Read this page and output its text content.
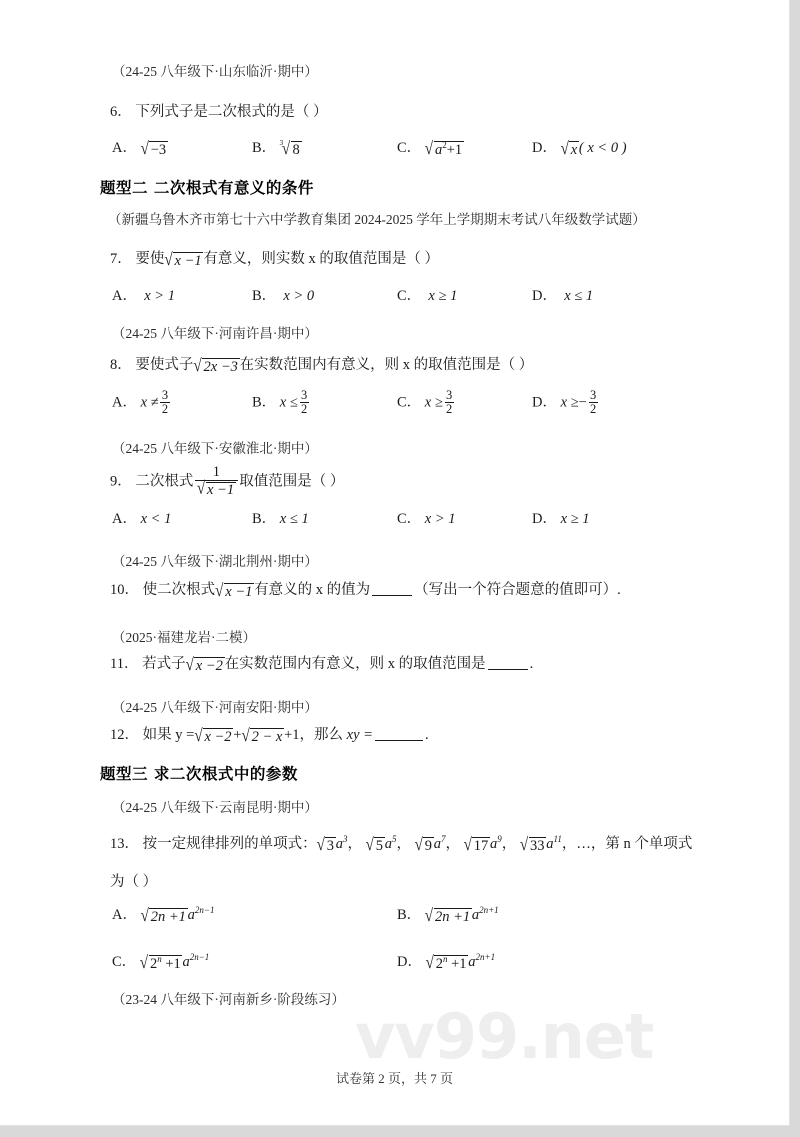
vv99.net
（24-25 八年级下·山东临沂·期中）
6． 下列式子是二次根式的是（ ）
A． √ −3	B． √ 8 3	C． √ $a^2+1$	D． √ x ( x < 0 )
题型二 二次根式有意义的条件
（新疆乌鲁木齐市第七十六中学教育集团 2024-2025 学年上学期期末考试八年级数学试题）
7． 要使 √ x −1 有意义，则实数 x 的取值范围是（ ）
A． x > 1	B． x > 0	C． x ≥ 1	D． x ≤ 1
（24-25 八年级下·河南许昌·期中）
8． 要使式子 √ 2x −3 在实数范围内有意义，则 x 的取值范围是（ ）
A． $x \ne \frac{3}{2}$	B． $x \le \frac{3}{2}$	C． $x \ge \frac{3}{2}$	D． $x \ge- \frac{3}{2}$
（24-25 八年级下·安徽淮北·期中）
9． 二次根式 1
√ x −1 取值范围是（ ）
A． x < 1	B． x ≤ 1	C． x > 1	D． x ≥ 1
（24-25 八年级下·湖北荆州·期中）
10． 使二次根式 √ x −1 有意义的 x 的值为	（写出一个符合题意的值即可）.
（2025·福建龙岩·二模）
11． 若式子 √ x −2 在实数范围内有意义，则 x 的取值范围是	.
（24-25 八年级下·河南安阳·期中）
12． 如果 y = √ x −2 + √ 2 − x +1，那么 xy =	.
题型三 求二次根式中的参数
（24-25 八年级下·云南昆明·期中）
13． 按一定规律排列的单项式： √ 3 $a^3$， √ 5 $a^5$， √ 9 $a^7$， √ 17 $a^9$， √ 33 $a^{11}$，…，第 n 个单项式
为（ ）
A． √ 2n +1 $a^{2n-1}$	B． √ 2n +1 $a^{2n+1}$
C． √ $2^n +1$ $a^{2n-1}$	D． √ $2^n +1$ $a^{2n+1}$
（23-24 八年级下·河南新乡·阶段练习）
试卷第 2 页，共 7 页
